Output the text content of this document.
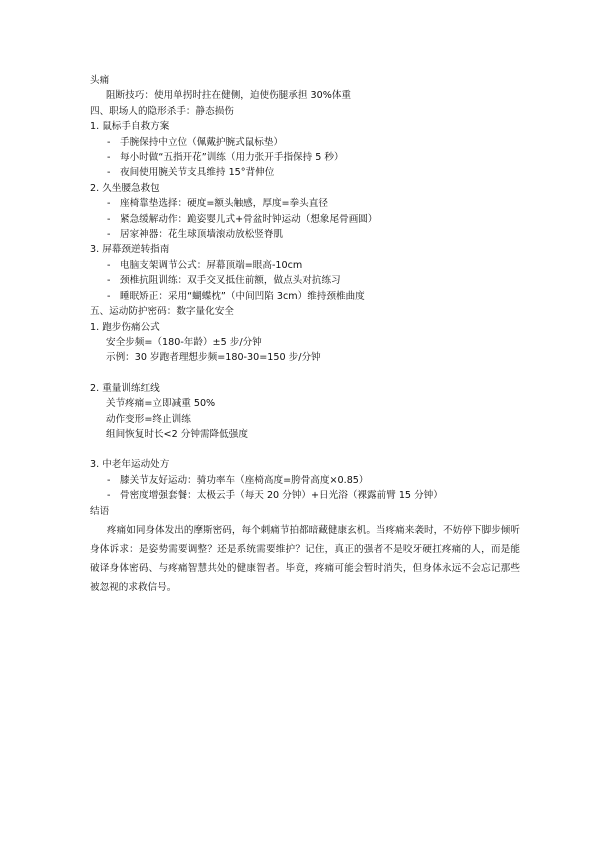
头痛
阻断技巧：使用单拐时拄在健侧，迫使伤腿承担 30%体重
四、职场人的隐形杀手：静态损伤
1. 鼠标手自救方案
- 手腕保持中立位（佩戴护腕式鼠标垫）
- 每小时做“五指开花”训练（用力张开手指保持 5 秒）
- 夜间使用腕关节支具维持 15°背伸位
2. 久坐腰急救包
- 座椅靠垫选择：硬度=额头触感，厚度=拳头直径
- 紧急缓解动作：跪姿婴儿式+骨盆时钟运动（想象尾骨画圆）
- 居家神器：花生球顶墙滚动放松竖脊肌
3. 屏幕颈逆转指南
- 电脑支架调节公式：屏幕顶端=眼高-10cm
- 颈椎抗阻训练：双手交叉抵住前额，做点头对抗练习
- 睡眠矫正：采用“蝴蝶枕”（中间凹陷 3cm）维持颈椎曲度
五、运动防护密码：数字量化安全
1. 跑步伤痛公式
安全步频=（180-年龄）±5 步/分钟
示例：30 岁跑者理想步频=180-30=150 步/分钟
2. 重量训练红线
关节疼痛=立即减重 50%
动作变形=终止训练
组间恢复时长<2 分钟需降低强度
3. 中老年运动处方
- 膝关节友好运动：骑功率车（座椅高度=胯骨高度×0.85）
- 骨密度增强套餐：太极云手（每天 20 分钟）+日光浴（裸露前臂 15 分钟）
结语
疼痛如同身体发出的摩斯密码，每个刺痛节拍都暗藏健康玄机。当疼痛来袭时，不妨停下脚步倾听身体诉求：是姿势需要调整？还是系统需要维护？记住，真正的强者不是咬牙硬扛疼痛的人，而是能破译身体密码、与疼痛智慧共处的健康智者。毕竟，疼痛可能会暂时消失，但身体永远不会忘记那些被忽视的求救信号。
